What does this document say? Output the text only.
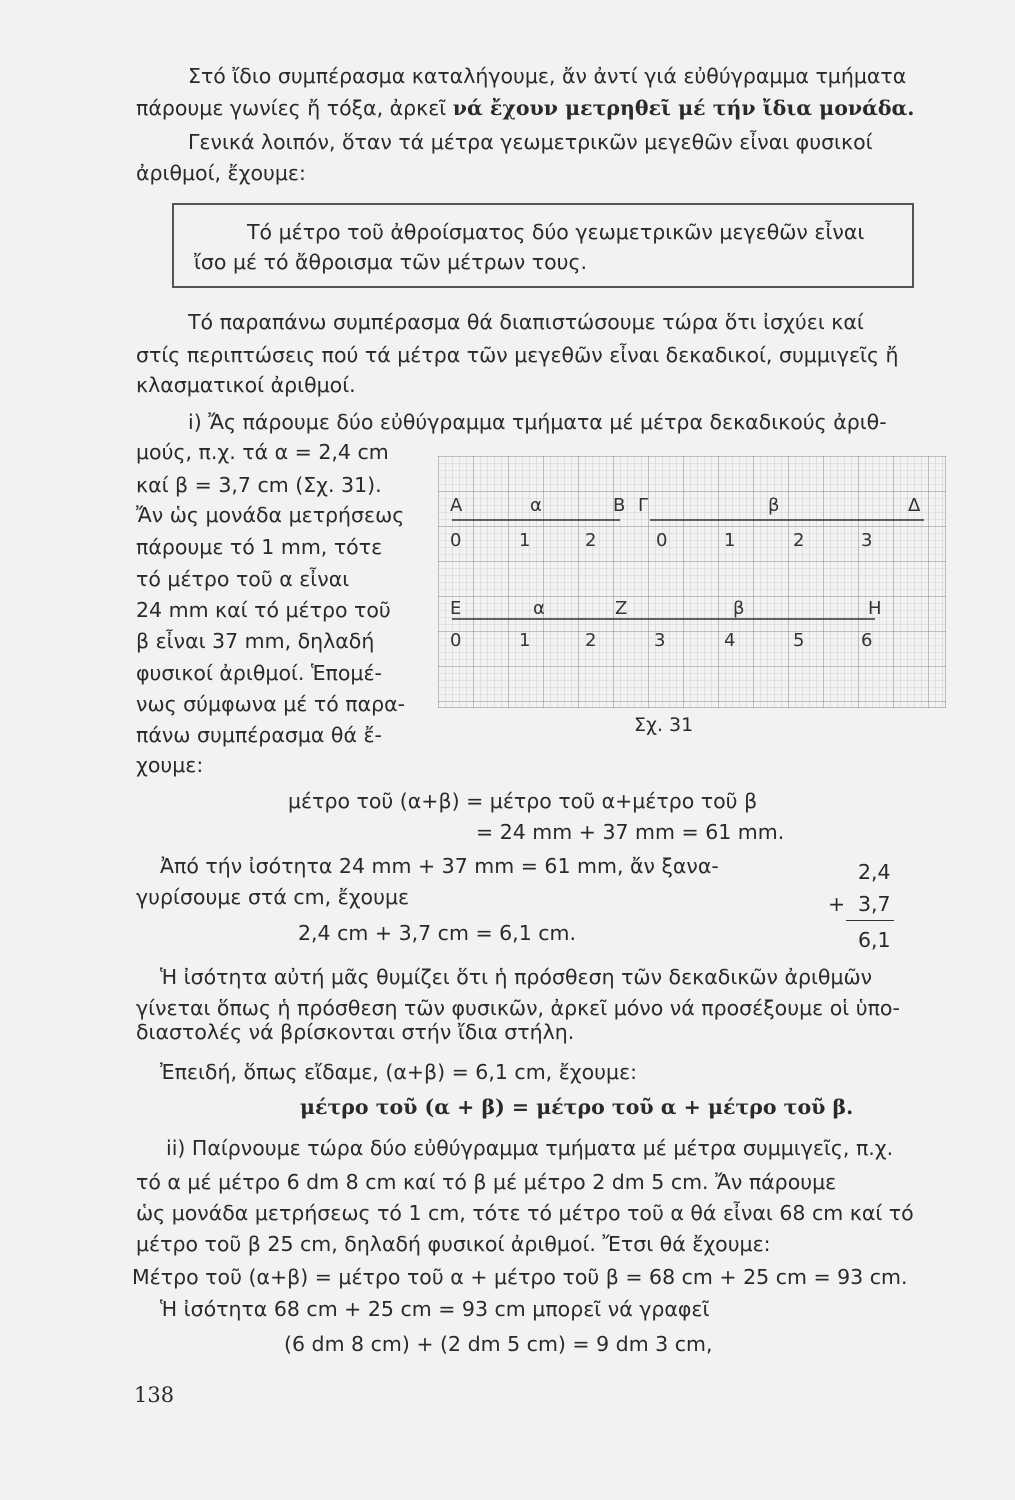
Στό ἴδιο συμπέρασμα καταλήγουμε, ἄν ἀντί γιά εὐθύγραμμα τμήματα
πάρουμε γωνίες ἤ τόξα, ἀρκεῖ νά ἔχουν μετρηθεῖ μέ τήν ἴδια μονάδα.
Γενικά λοιπόν, ὅταν τά μέτρα γεωμετρικῶν μεγεθῶν εἶναι φυσικοί
ἀριθμοί, ἔχουμε:
Τό μέτρο τοῦ ἀθροίσματος δύο γεωμετρικῶν μεγεθῶν εἶναι
ἴσο μέ τό ἄθροισμα τῶν μέτρων τους.
Τό παραπάνω συμπέρασμα θά διαπιστώσουμε τώρα ὅτι ἰσχύει καί
στίς περιπτώσεις πού τά μέτρα τῶν μεγεθῶν εἶναι δεκαδικοί, συμμιγεῖς ἤ
κλασματικοί ἀριθμοί.
i) Ἄς πάρουμε δύο εὐθύγραμμα τμήματα μέ μέτρα δεκαδικούς ἀριθ-
μούς, π.χ. τά α = 2,4 cm
καί β = 3,7 cm (Σχ. 31).
Ἄν ὡς μονάδα μετρήσεως
πάρουμε τό 1 mm, τότε
τό μέτρο τοῦ α εἶναι
24 mm καί τό μέτρο τοῦ
β εἶναι 37 mm, δηλαδή
φυσικοί ἀριθμοί. Ἑπομέ-
νως σύμφωνα μέ τό παρα-
πάνω συμπέρασμα θά ἔ-
χουμε:
Α	α	Β Γ	β	Δ
0	1	2	0	1	2	3
Ε	α	Ζ	β	Η
0	1	2	3	4	5	6
Σχ. 31
μέτρο τοῦ (α+β) = μέτρο τοῦ α+μέτρο τοῦ β
= 24 mm + 37 mm = 61 mm.
Ἀπό τήν ἰσότητα 24 mm + 37 mm = 61 mm, ἄν ξανα-
γυρίσουμε στά cm, ἔχουμε
2,4 cm + 3,7 cm = 6,1 cm.
2,4
+ 3,7
6,1
Ἡ ἰσότητα αὐτή μᾶς θυμίζει ὅτι ἡ πρόσθεση τῶν δεκαδικῶν ἀριθμῶν
γίνεται ὅπως ἡ πρόσθεση τῶν φυσικῶν, ἀρκεῖ μόνο νά προσέξουμε οἱ ὑπο-
διαστολές νά βρίσκονται στήν ἴδια στήλη.
Ἐπειδή, ὅπως εἴδαμε, (α+β) = 6,1 cm, ἔχουμε:
μέτρο τοῦ (α + β) = μέτρο τοῦ α + μέτρο τοῦ β.
ii) Παίρνουμε τώρα δύο εὐθύγραμμα τμήματα μέ μέτρα συμμιγεῖς, π.χ.
τό α μέ μέτρο 6 dm 8 cm καί τό β μέ μέτρο 2 dm 5 cm. Ἄν πάρουμε
ὡς μονάδα μετρήσεως τό 1 cm, τότε τό μέτρο τοῦ α θά εἶναι 68 cm καί τό
μέτρο τοῦ β 25 cm, δηλαδή φυσικοί ἀριθμοί. Ἔτσι θά ἔχουμε:
Μέτρο τοῦ (α+β) = μέτρο τοῦ α + μέτρο τοῦ β = 68 cm + 25 cm = 93 cm.
Ἡ ἰσότητα 68 cm + 25 cm = 93 cm μπορεῖ νά γραφεῖ
(6 dm 8 cm) + (2 dm 5 cm) = 9 dm 3 cm,
138
